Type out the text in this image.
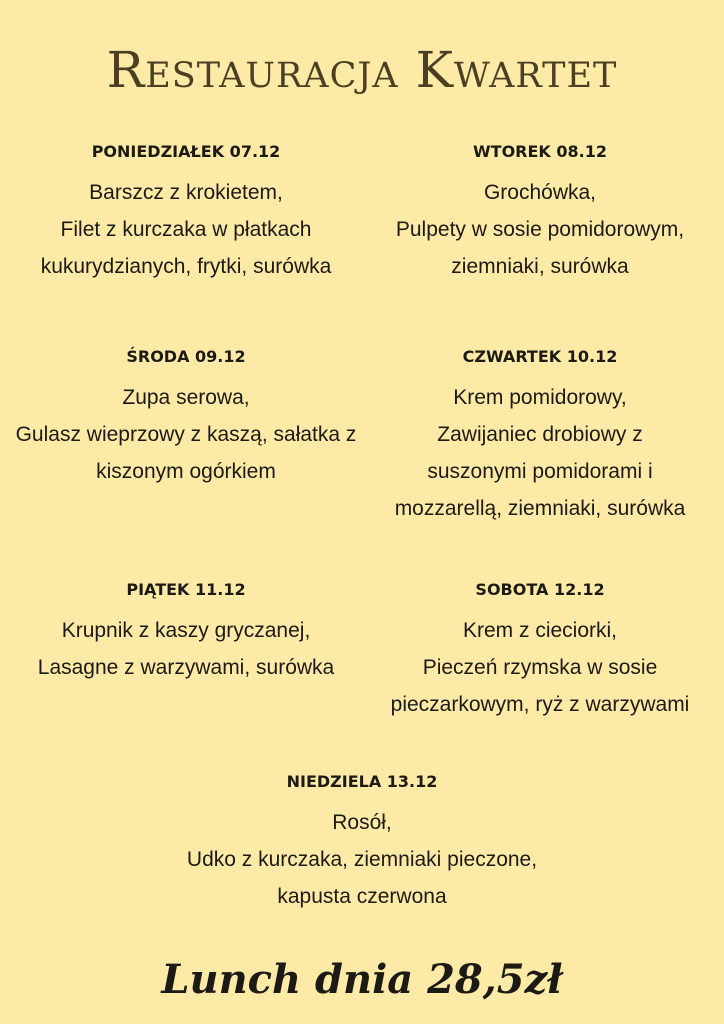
Restauracja Kwartet
PONIEDZIAŁEK 07.12
Barszcz z krokietem,
Filet z kurczaka w płatkach
kukurydzianych, frytki, surówka
WTOREK 08.12
Grochówka,
Pulpety w sosie pomidorowym,
ziemniaki, surówka
ŚRODA 09.12
Zupa serowa,
Gulasz wieprzowy z kaszą, sałatka z
kiszonym ogórkiem
CZWARTEK 10.12
Krem pomidorowy,
Zawijaniec drobiowy z
suszonymi pomidorami i
mozzarellą, ziemniaki, surówka
PIĄTEK 11.12
Krupnik z kaszy gryczanej,
Lasagne z warzywami, surówka
SOBOTA 12.12
Krem z cieciorki,
Pieczeń rzymska w sosie
pieczarkowym, ryż z warzywami
NIEDZIELA 13.12
Rosół,
Udko z kurczaka, ziemniaki pieczone,
kapusta czerwona
Lunch dnia 28,5zł
